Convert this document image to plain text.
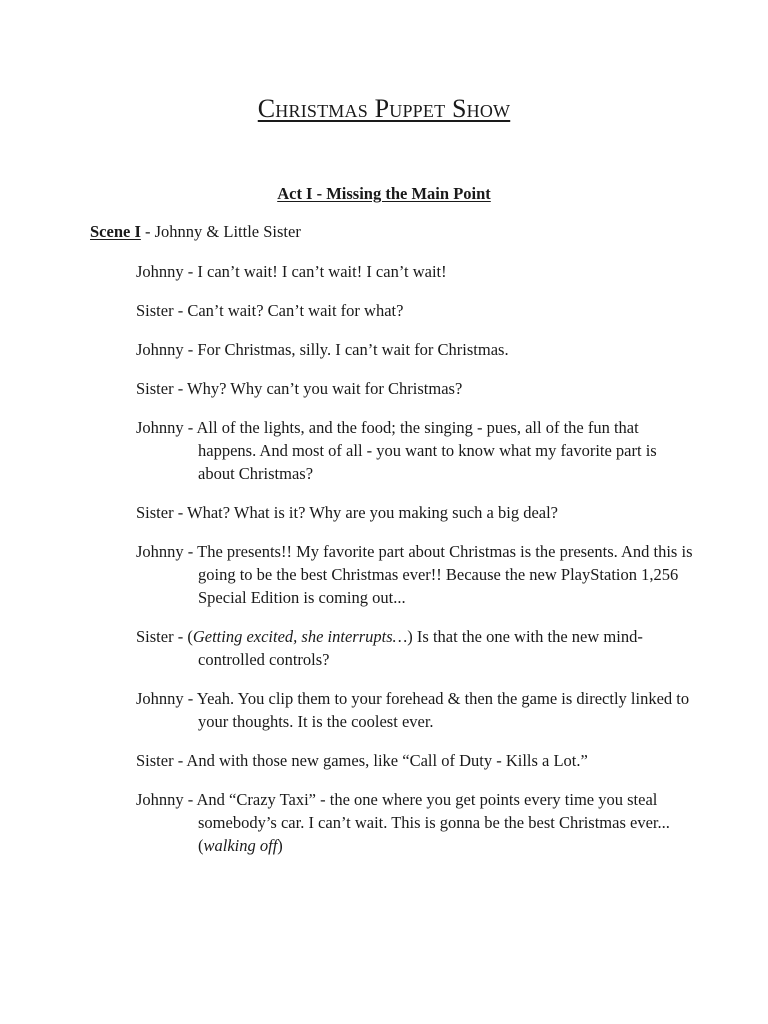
Christmas Puppet Show
Act I - Missing the Main Point
Scene I - Johnny & Little Sister

Johnny - I can’t wait! I can’t wait! I can’t wait!

Sister - Can’t wait? Can’t wait for what?

Johnny - For Christmas, silly. I can’t wait for Christmas.

Sister - Why? Why can’t you wait for Christmas?

Johnny - All of the lights, and the food; the singing - pues, all of the fun that happens. And most of all - you want to know what my favorite part is about Christmas?

Sister - What? What is it? Why are you making such a big deal?

Johnny - The presents!! My favorite part about Christmas is the presents. And this is going to be the best Christmas ever!! Because the new PlayStation 1,256 Special Edition is coming out...

Sister - (Getting excited, she interrupts…) Is that the one with the new mind-controlled controls?

Johnny - Yeah. You clip them to your forehead & then the game is directly linked to your thoughts. It is the coolest ever.

Sister - And with those new games, like “Call of Duty - Kills a Lot.”

Johnny - And “Crazy Taxi” - the one where you get points every time you steal somebody’s car. I can’t wait. This is gonna be the best Christmas ever... (walking off)
